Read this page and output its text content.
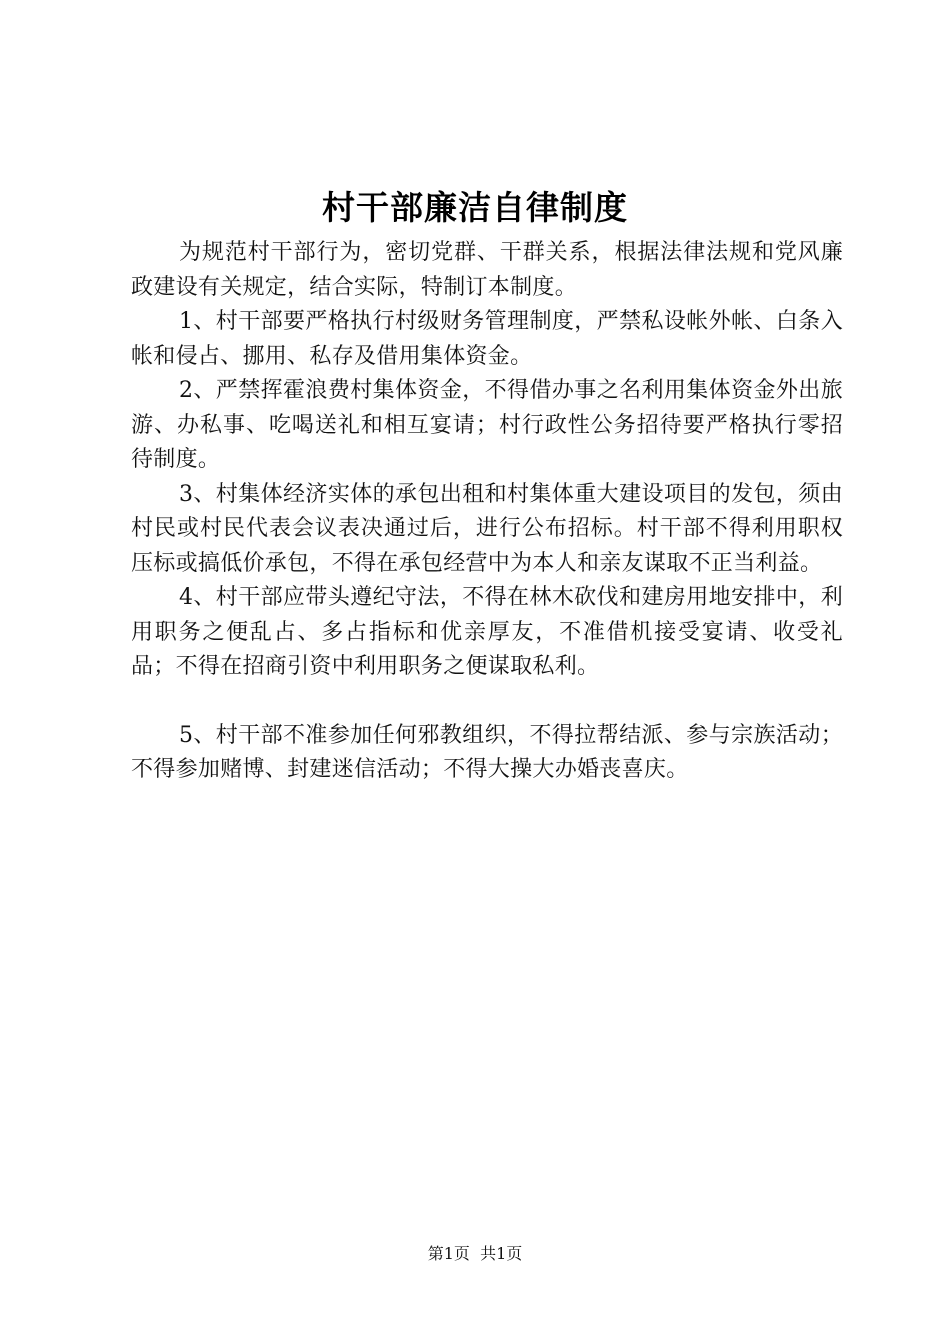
村干部廉洁自律制度

为规范村干部行为，密切党群、干群关系，根据法律法规和党风廉政建设有关规定，结合实际，特制订本制度。

1、村干部要严格执行村级财务管理制度，严禁私设帐外帐、白条入帐和侵占、挪用、私存及借用集体资金。

2、严禁挥霍浪费村集体资金，不得借办事之名利用集体资金外出旅游、办私事、吃喝送礼和相互宴请；村行政性公务招待要严格执行零招待制度。

3、村集体经济实体的承包出租和村集体重大建设项目的发包，须由村民或村民代表会议表决通过后，进行公布招标。村干部不得利用职权压标或搞低价承包，不得在承包经营中为本人和亲友谋取不正当利益。

4、村干部应带头遵纪守法，不得在林木砍伐和建房用地安排中，利用职务之便乱占、多占指标和优亲厚友，不准借机接受宴请、收受礼品；不得在招商引资中利用职务之便谋取私利。

5、村干部不准参加任何邪教组织，不得拉帮结派、参与宗族活动；不得参加赌博、封建迷信活动；不得大操大办婚丧喜庆。

第1页  共1页
